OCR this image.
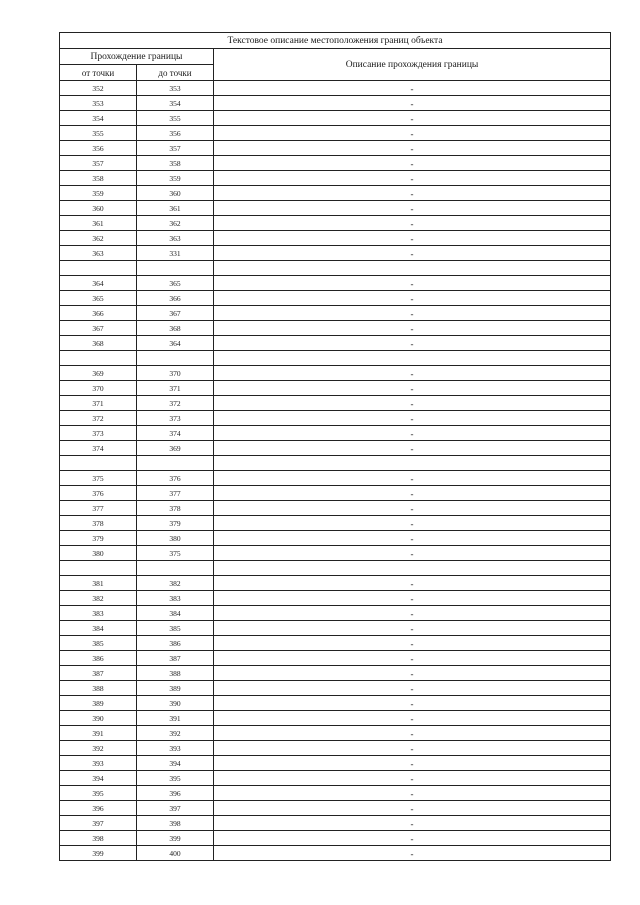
Текстовое описание местоположения границ объекта		
Прохождение границы		Описание прохождения границы
от точки	до точки	
352	353	-
353	354	-
354	355	-
355	356	-
356	357	-
357	358	-
358	359	-
359	360	-
360	361	-
361	362	-
362	363	-
363	331	-

364	365	-
365	366	-
366	367	-
367	368	-
368	364	-

369	370	-
370	371	-
371	372	-
372	373	-
373	374	-
374	369	-

375	376	-
376	377	-
377	378	-
378	379	-
379	380	-
380	375	-

381	382	-
382	383	-
383	384	-
384	385	-
385	386	-
386	387	-
387	388	-
388	389	-
389	390	-
390	391	-
391	392	-
392	393	-
393	394	-
394	395	-
395	396	-
396	397	-
397	398	-
398	399	-
399	400	-
